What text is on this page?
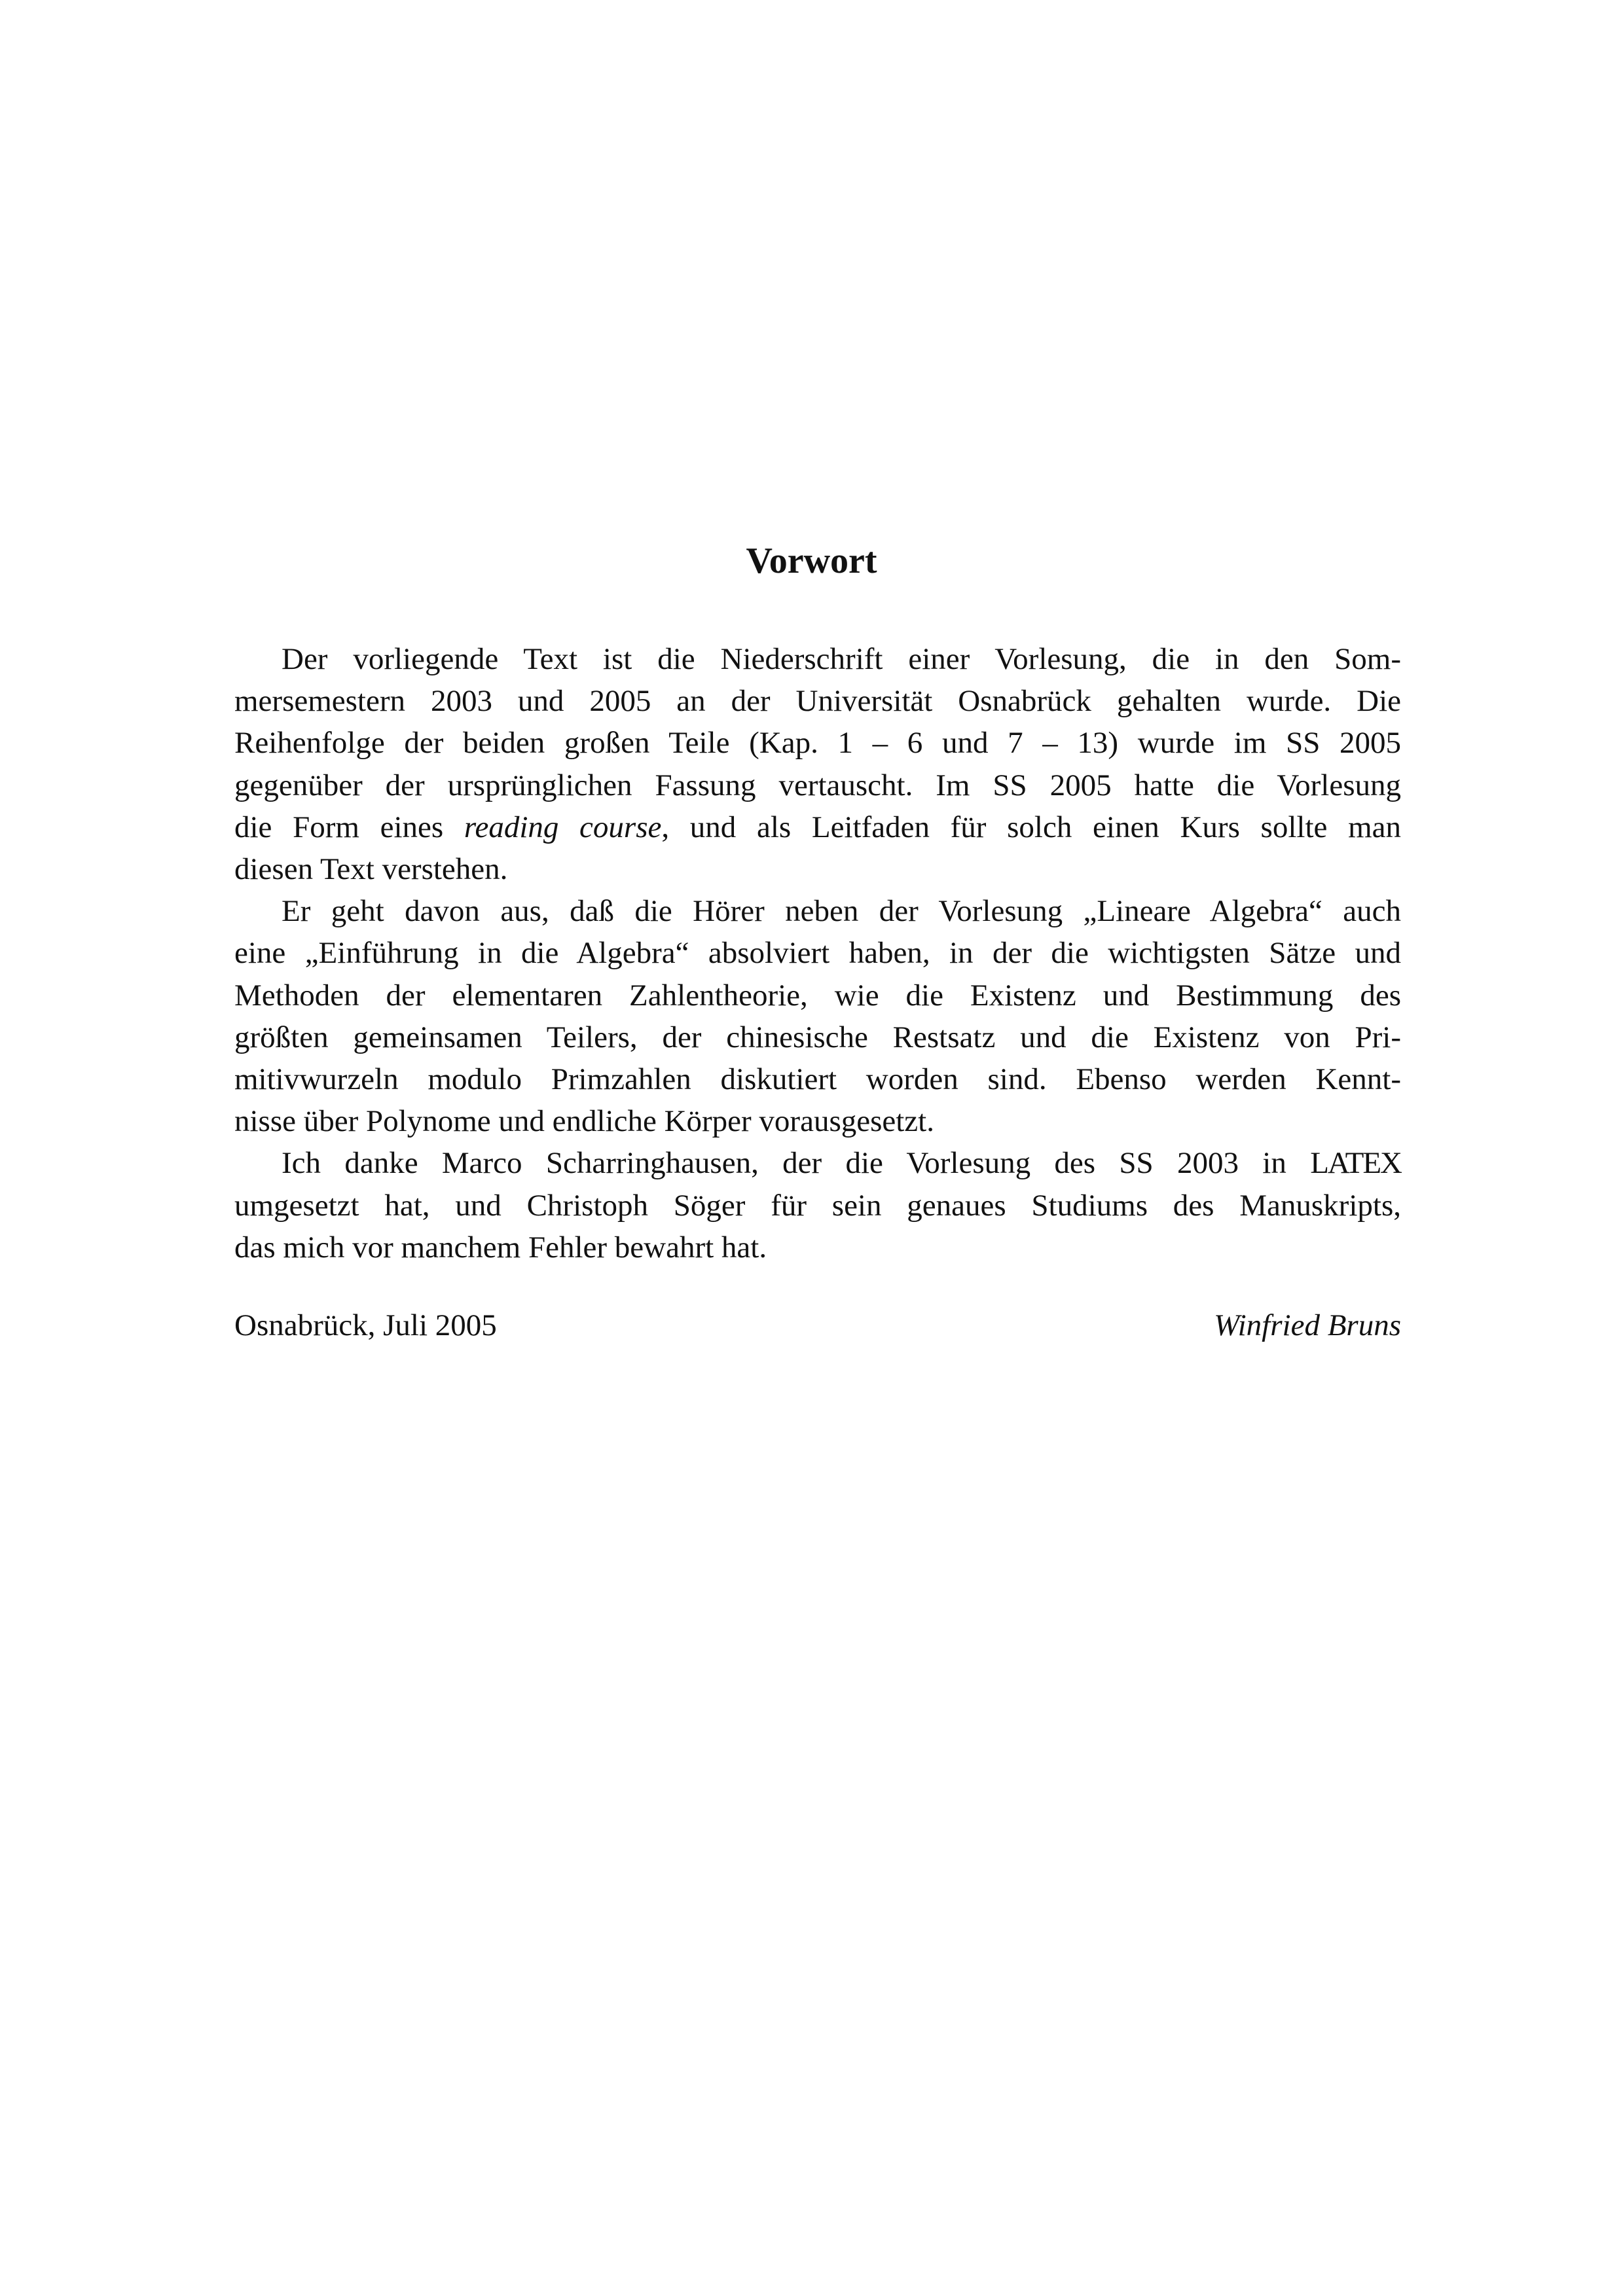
Vorwort

Der vorliegende Text ist die Niederschrift einer Vorlesung, die in den Som-
mersemestern 2003 und 2005 an der Universität Osnabrück gehalten wurde. Die
Reihenfolge der beiden großen Teile (Kap. 1 – 6 und 7 – 13) wurde im SS 2005
gegenüber der ursprünglichen Fassung vertauscht. Im SS 2005 hatte die Vorlesung
die Form eines reading course, und als Leitfaden für solch einen Kurs sollte man
diesen Text verstehen.

Er geht davon aus, daß die Hörer neben der Vorlesung „Lineare Algebra“ auch
eine „Einführung in die Algebra“ absolviert haben, in der die wichtigsten Sätze und
Methoden der elementaren Zahlentheorie, wie die Existenz und Bestimmung des
größten gemeinsamen Teilers, der chinesische Restsatz und die Existenz von Pri-
mitivwurzeln modulo Primzahlen diskutiert worden sind. Ebenso werden Kennt-
nisse über Polynome und endliche Körper vorausgesetzt.

Ich danke Marco Scharringhausen, der die Vorlesung des SS 2003 in LATEX
umgesetzt hat, und Christoph Söger für sein genaues Studiums des Manuskripts,
das mich vor manchem Fehler bewahrt hat.

Osnabrück, Juli 2005	Winfried Bruns
